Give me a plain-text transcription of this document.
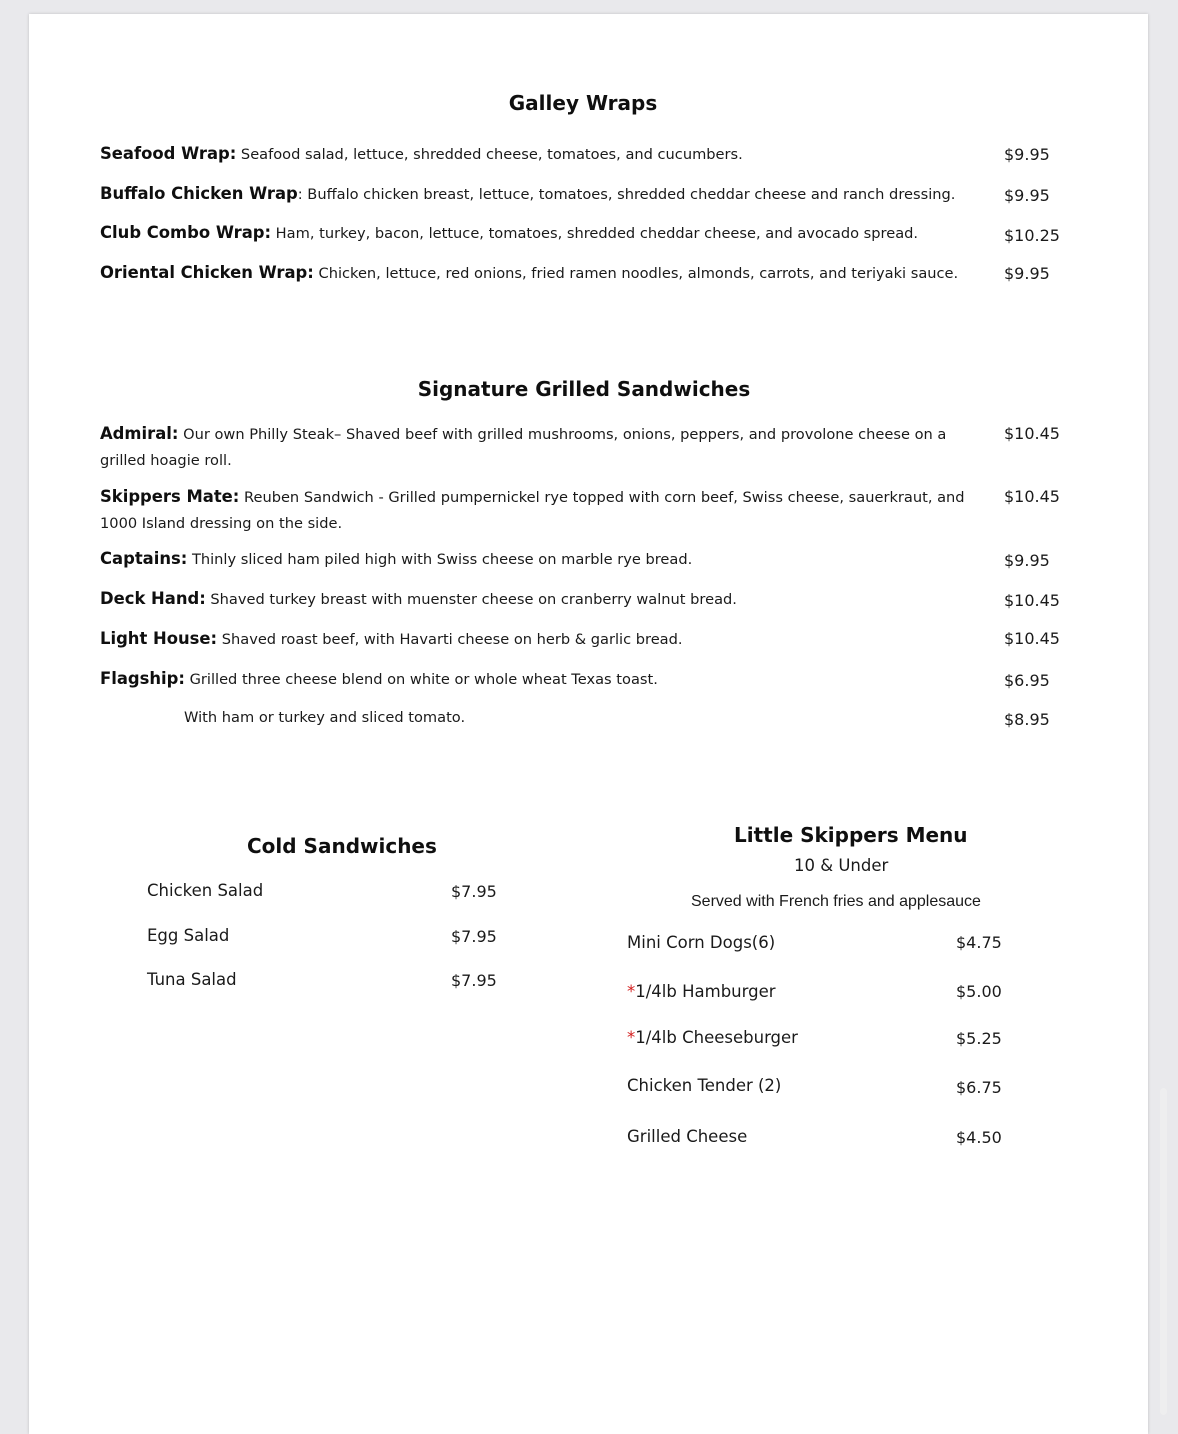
Galley Wraps
Seafood Wrap: Seafood salad, lettuce, shredded cheese, tomatoes, and cucumbers.	$9.95
Buffalo Chicken Wrap: Buffalo chicken breast, lettuce, tomatoes, shredded cheddar cheese and ranch dressing.	$9.95
Club Combo Wrap: Ham, turkey, bacon, lettuce, tomatoes, shredded cheddar cheese, and avocado spread.	$10.25
Oriental Chicken Wrap: Chicken, lettuce, red onions, fried ramen noodles, almonds, carrots, and teriyaki sauce.	$9.95
Signature Grilled Sandwiches
Admiral: Our own Philly Steak– Shaved beef with grilled mushrooms, onions, peppers, and provolone cheese on a grilled hoagie roll.
$10.45
Skippers Mate: Reuben Sandwich - Grilled pumpernickel rye topped with corn beef, Swiss cheese, sauerkraut, and 1000 Island dressing on the side.
$10.45
Captains: Thinly sliced ham piled high with Swiss cheese on marble rye bread.	$9.95
Deck Hand: Shaved turkey breast with muenster cheese on cranberry walnut bread.	$10.45
Light House: Shaved roast beef, with Havarti cheese on herb & garlic bread.	$10.45
Flagship: Grilled three cheese blend on white or whole wheat Texas toast.	$6.95
With ham or turkey and sliced tomato.	$8.95
Cold Sandwiches
Chicken Salad	$7.95
Egg Salad	$7.95
Tuna Salad	$7.95
Little Skippers Menu
10 & Under
Served with French fries and applesauce
Mini Corn Dogs(6)	$4.75
*1/4lb Hamburger	$5.00
*1/4lb Cheeseburger	$5.25
Chicken Tender (2)	$6.75
Grilled Cheese	$4.50
